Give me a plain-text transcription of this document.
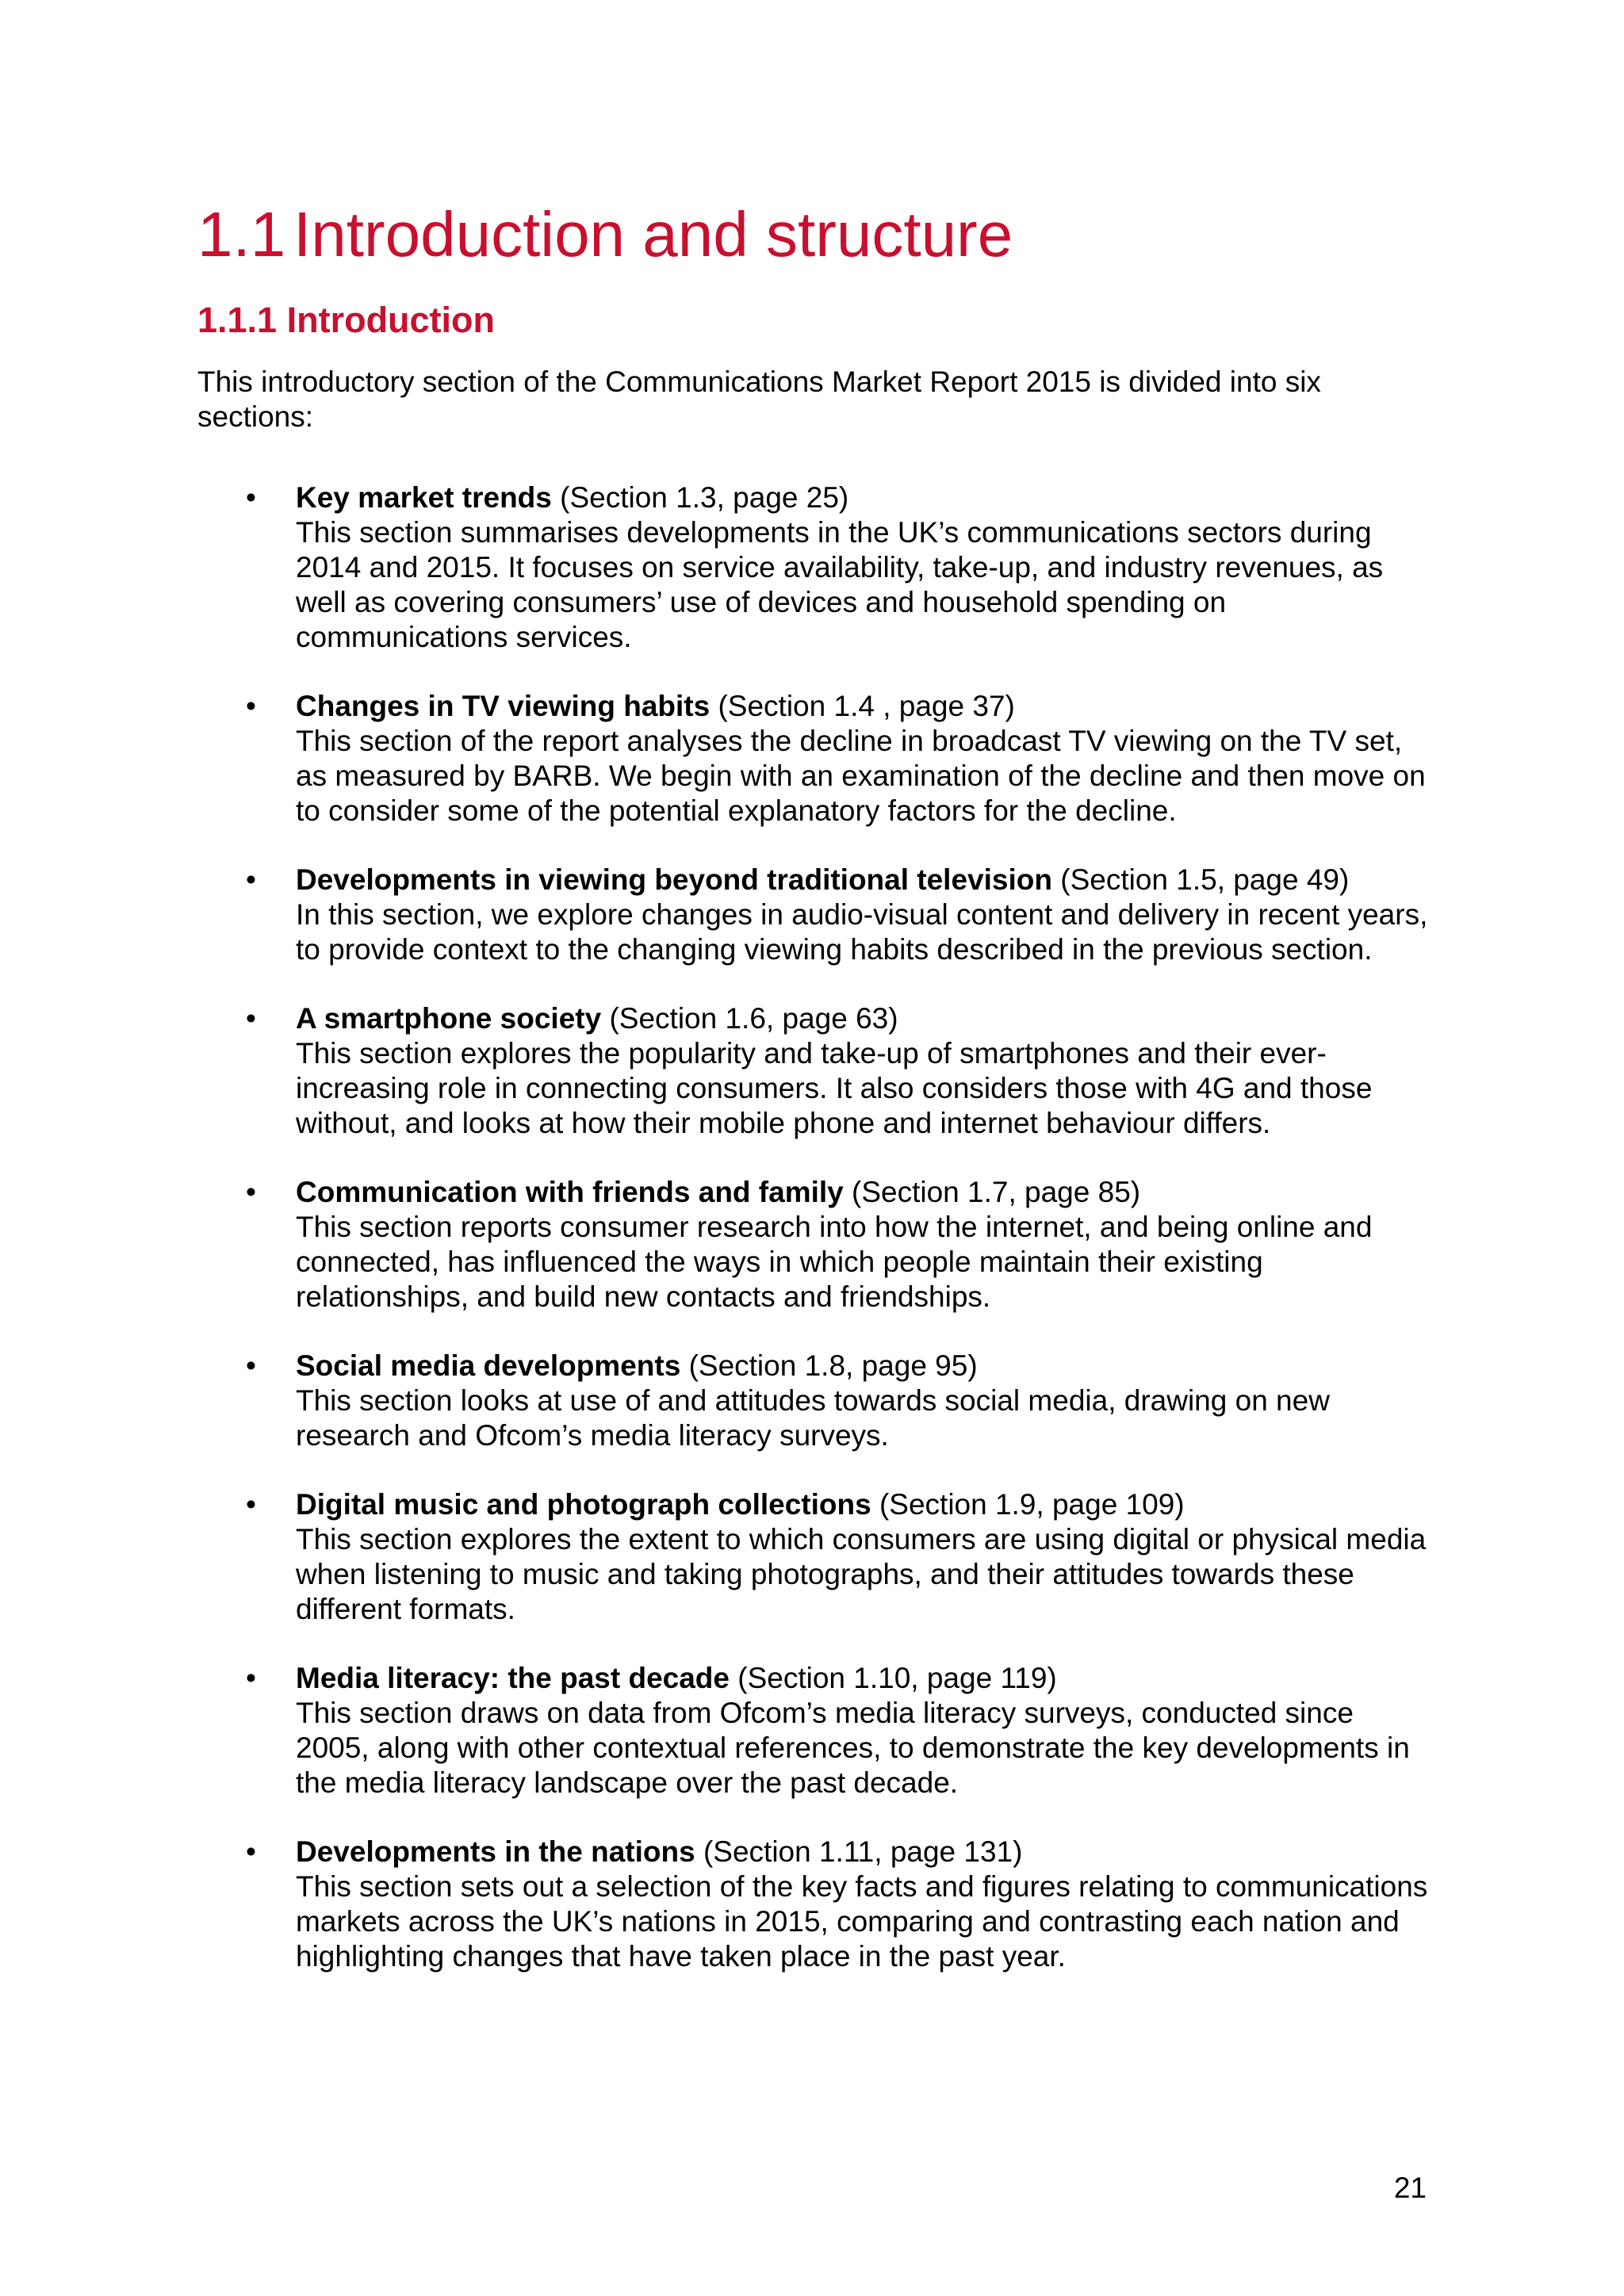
1.1 Introduction and structure
1.1.1 Introduction

This introductory section of the Communications Market Report 2015 is divided into six sections:

• Key market trends (Section 1.3, page 25)
This section summarises developments in the UK’s communications sectors during 2014 and 2015. It focuses on service availability, take-up, and industry revenues, as well as covering consumers’ use of devices and household spending on communications services.
• Changes in TV viewing habits (Section 1.4 , page 37)
This section of the report analyses the decline in broadcast TV viewing on the TV set, as measured by BARB. We begin with an examination of the decline and then move on to consider some of the potential explanatory factors for the decline.
• Developments in viewing beyond traditional television (Section 1.5, page 49)
In this section, we explore changes in audio-visual content and delivery in recent years, to provide context to the changing viewing habits described in the previous section.
• A smartphone society (Section 1.6, page 63)
This section explores the popularity and take-up of smartphones and their ever-increasing role in connecting consumers. It also considers those with 4G and those without, and looks at how their mobile phone and internet behaviour differs.
• Communication with friends and family (Section 1.7, page 85)
This section reports consumer research into how the internet, and being online and connected, has influenced the ways in which people maintain their existing relationships, and build new contacts and friendships.
• Social media developments (Section 1.8, page 95)
This section looks at use of and attitudes towards social media, drawing on new research and Ofcom’s media literacy surveys.
• Digital music and photograph collections (Section 1.9, page 109)
This section explores the extent to which consumers are using digital or physical media when listening to music and taking photographs, and their attitudes towards these different formats.
• Media literacy: the past decade (Section 1.10, page 119)
This section draws on data from Ofcom’s media literacy surveys, conducted since 2005, along with other contextual references, to demonstrate the key developments in the media literacy landscape over the past decade.
• Developments in the nations (Section 1.11, page 131)
This section sets out a selection of the key facts and figures relating to communications markets across the UK’s nations in 2015, comparing and contrasting each nation and highlighting changes that have taken place in the past year.
21
